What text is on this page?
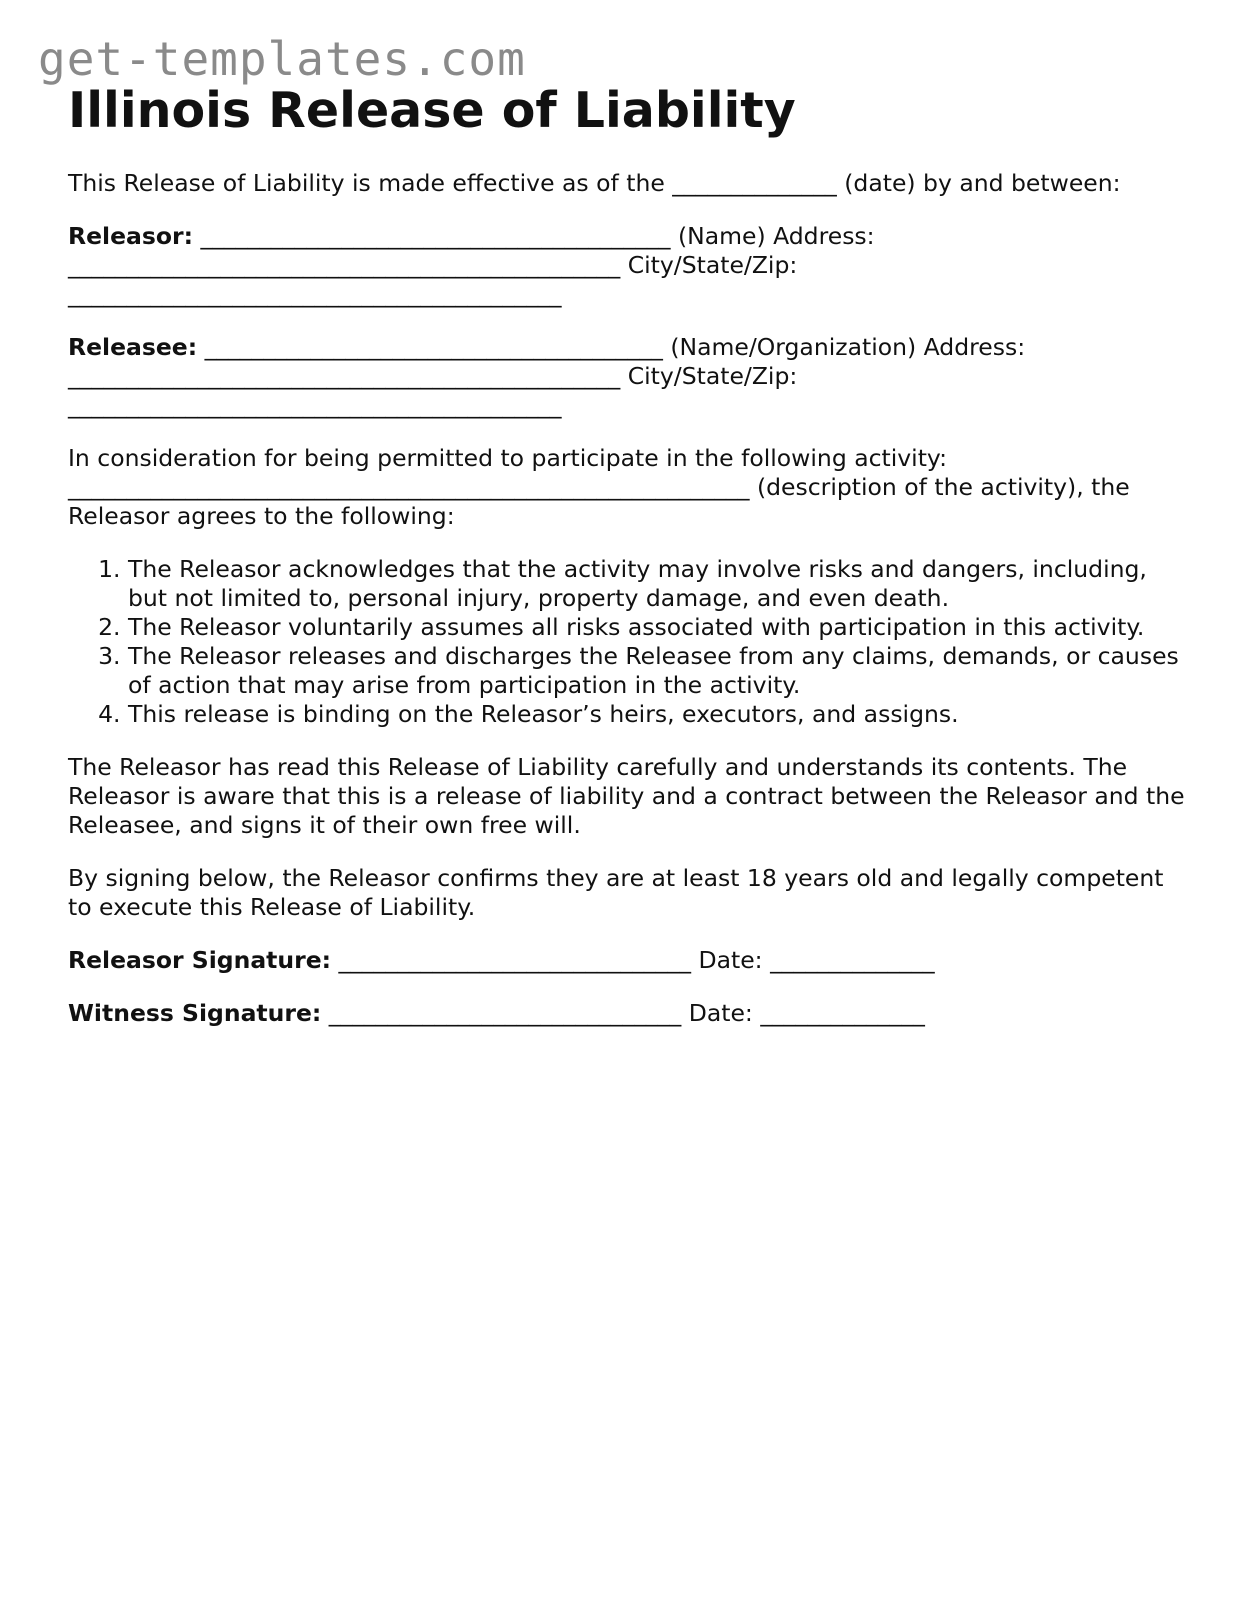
get-templates.com
Illinois Release of Liability

This Release of Liability is made effective as of the ______________ (date) by and between:

Releasor: ________________________________________ (Name) Address: _______________________________________________ City/State/Zip: __________________________________________

Releasee: _______________________________________ (Name/Organization) Address: _______________________________________________ City/State/Zip: __________________________________________

In consideration for being permitted to participate in the following activity: __________________________________________________________ (description of the activity), the Releasor agrees to the following:

1. The Releasor acknowledges that the activity may involve risks and dangers, including, but not limited to, personal injury, property damage, and even death.
2. The Releasor voluntarily assumes all risks associated with participation in this activity.
3. The Releasor releases and discharges the Releasee from any claims, demands, or causes of action that may arise from participation in the activity.
4. This release is binding on the Releasor’s heirs, executors, and assigns.

The Releasor has read this Release of Liability carefully and understands its contents. The Releasor is aware that this is a release of liability and a contract between the Releasor and the Releasee, and signs it of their own free will.

By signing below, the Releasor confirms they are at least 18 years old and legally competent to execute this Release of Liability.

Releasor Signature: ______________________________ Date: ______________

Witness Signature: ______________________________ Date: ______________
